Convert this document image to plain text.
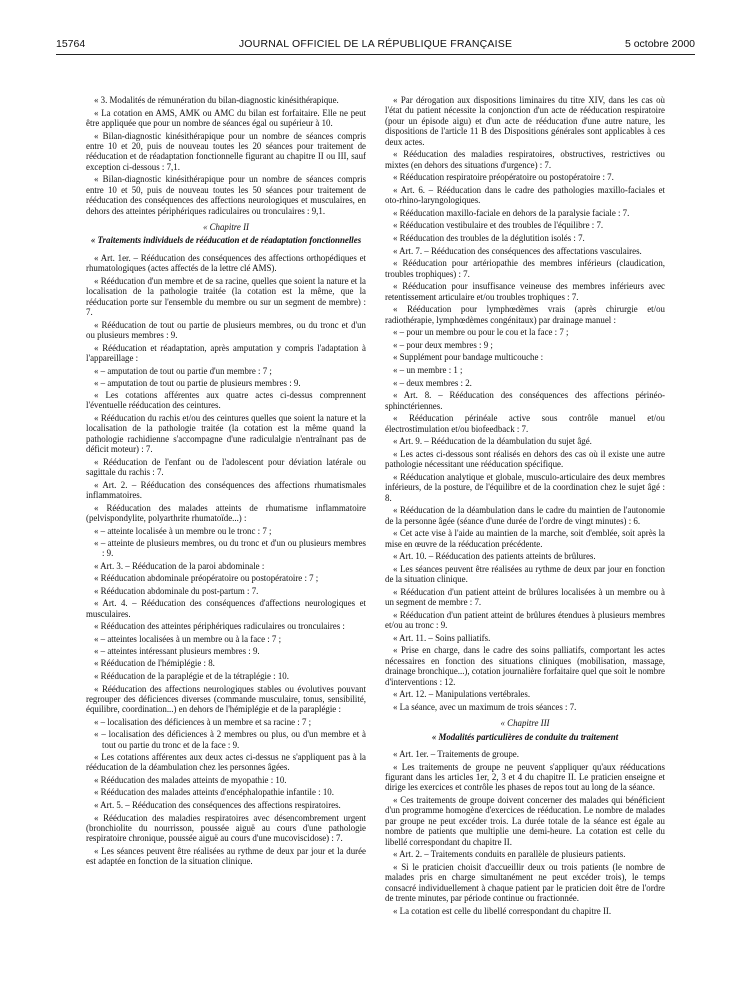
15764	JOURNAL OFFICIEL DE LA RÉPUBLIQUE FRANÇAISE	5 octobre 2000

« 3. Modalités de rémunération du bilan-diagnostic kinésithérapique.

« La cotation en AMS, AMK ou AMC du bilan est forfaitaire. Elle ne peut être appliquée que pour un nombre de séances égal ou supérieur à 10.

« Bilan-diagnostic kinésithérapique pour un nombre de séances compris entre 10 et 20, puis de nouveau toutes les 20 séances pour traitement de rééducation et de réadaptation fonctionnelle figurant au chapitre II ou III, sauf exception ci-dessous : 7,1.

« Bilan-diagnostic kinésithérapique pour un nombre de séances compris entre 10 et 50, puis de nouveau toutes les 50 séances pour traitement de rééducation des conséquences des affections neurologiques et musculaires, en dehors des atteintes périphériques radiculaires ou tronculaires : 9,1.

« Chapitre II

« Traitements individuels de rééducation et de réadaptation fonctionnelles

« Art. 1er. – Rééducation des conséquences des affections orthopédiques et rhumatologiques (actes affectés de la lettre clé AMS).

« Rééducation d'un membre et de sa racine, quelles que soient la nature et la localisation de la pathologie traitée (la cotation est la même, que la rééducation porte sur l'ensemble du membre ou sur un segment de membre) : 7.

« Rééducation de tout ou partie de plusieurs membres, ou du tronc et d'un ou plusieurs membres : 9.

« Rééducation et réadaptation, après amputation y compris l'adaptation à l'appareillage :

« – amputation de tout ou partie d'un membre : 7 ;

« – amputation de tout ou partie de plusieurs membres : 9.

« Les cotations afférentes aux quatre actes ci-dessus comprennent l'éventuelle rééducation des ceintures.

« Rééducation du rachis et/ou des ceintures quelles que soient la nature et la localisation de la pathologie traitée (la cotation est la même quand la pathologie rachidienne s'accompagne d'une radiculalgie n'entraînant pas de déficit moteur) : 7.

« Rééducation de l'enfant ou de l'adolescent pour déviation latérale ou sagittale du rachis : 7.

« Art. 2. – Rééducation des conséquences des affections rhumatismales inflammatoires.

« Rééducation des malades atteints de rhumatisme inflammatoire (pelvispondylite, polyarthrite rhumatoïde...) :

« – atteinte localisée à un membre ou le tronc : 7 ;

« – atteinte de plusieurs membres, ou du tronc et d'un ou plusieurs membres : 9.

« Art. 3. – Rééducation de la paroi abdominale :

« Rééducation abdominale préopératoire ou postopératoire : 7 ;

« Rééducation abdominale du post-partum : 7.

« Art. 4. – Rééducation des conséquences d'affections neurologiques et musculaires.

« Rééducation des atteintes périphériques radiculaires ou tronculaires :

« – atteintes localisées à un membre ou à la face : 7 ;

« – atteintes intéressant plusieurs membres : 9.

« Rééducation de l'hémiplégie : 8.

« Rééducation de la paraplégie et de la tétraplégie : 10.

« Rééducation des affections neurologiques stables ou évolutives pouvant regrouper des déficiences diverses (commande musculaire, tonus, sensibilité, équilibre, coordination...) en dehors de l'hémiplégie et de la paraplégie :

« – localisation des déficiences à un membre et sa racine : 7 ;

« – localisation des déficiences à 2 membres ou plus, ou d'un membre et à tout ou partie du tronc et de la face : 9.

« Les cotations afférentes aux deux actes ci-dessus ne s'appliquent pas à la rééducation de la déambulation chez les personnes âgées.

« Rééducation des malades atteints de myopathie : 10.

« Rééducation des malades atteints d'encéphalopathie infantile : 10.

« Art. 5. – Rééducation des conséquences des affections respiratoires.

« Rééducation des maladies respiratoires avec désencombrement urgent (bronchiolite du nourrisson, poussée aiguë au cours d'une pathologie respiratoire chronique, poussée aiguë au cours d'une mucoviscidose) : 7.

« Les séances peuvent être réalisées au rythme de deux par jour et la durée est adaptée en fonction de la situation clinique.

« Par dérogation aux dispositions liminaires du titre XIV, dans les cas où l'état du patient nécessite la conjonction d'un acte de rééducation respiratoire (pour un épisode aigu) et d'un acte de rééducation d'une autre nature, les dispositions de l'article 11 B des Dispositions générales sont applicables à ces deux actes.

« Rééducation des maladies respiratoires, obstructives, restrictives ou mixtes (en dehors des situations d'urgence) : 7.

« Rééducation respiratoire préopératoire ou postopératoire : 7.

« Art. 6. – Rééducation dans le cadre des pathologies maxillo-faciales et oto-rhino-laryngologiques.

« Rééducation maxillo-faciale en dehors de la paralysie faciale : 7.

« Rééducation vestibulaire et des troubles de l'équilibre : 7.

« Rééducation des troubles de la déglutition isolés : 7.

« Art. 7. – Rééducation des conséquences des affectations vasculaires.

« Rééducation pour artériopathie des membres inférieurs (claudication, troubles trophiques) : 7.

« Rééducation pour insuffisance veineuse des membres inférieurs avec retentissement articulaire et/ou troubles trophiques : 7.

« Rééducation pour lymphœdèmes vrais (après chirurgie et/ou radiothérapie, lymphœdèmes congénitaux) par drainage manuel :

« – pour un membre ou pour le cou et la face : 7 ;

« – pour deux membres : 9 ;

« Supplément pour bandage multicouche :

« – un membre : 1 ;

« – deux membres : 2.

« Art. 8. – Rééducation des conséquences des affections périnéo-sphinctériennes.

« Rééducation périnéale active sous contrôle manuel et/ou électrostimulation et/ou biofeedback : 7.

« Art. 9. – Rééducation de la déambulation du sujet âgé.

« Les actes ci-dessous sont réalisés en dehors des cas où il existe une autre pathologie nécessitant une rééducation spécifique.

« Rééducation analytique et globale, musculo-articulaire des deux membres inférieurs, de la posture, de l'équilibre et de la coordination chez le sujet âgé : 8.

« Rééducation de la déambulation dans le cadre du maintien de l'autonomie de la personne âgée (séance d'une durée de l'ordre de vingt minutes) : 6.

« Cet acte vise à l'aide au maintien de la marche, soit d'emblée, soit après la mise en œuvre de la rééducation précédente.

« Art. 10. – Rééducation des patients atteints de brûlures.

« Les séances peuvent être réalisées au rythme de deux par jour en fonction de la situation clinique.

« Rééducation d'un patient atteint de brûlures localisées à un membre ou à un segment de membre : 7.

« Rééducation d'un patient atteint de brûlures étendues à plusieurs membres et/ou au tronc : 9.

« Art. 11. – Soins palliatifs.

« Prise en charge, dans le cadre des soins palliatifs, comportant les actes nécessaires en fonction des situations cliniques (mobilisation, massage, drainage bronchique...), cotation journalière forfaitaire quel que soit le nombre d'interventions : 12.

« Art. 12. – Manipulations vertébrales.

« La séance, avec un maximum de trois séances : 7.

« Chapitre III

« Modalités particulières de conduite du traitement

« Art. 1er. – Traitements de groupe.

« Les traitements de groupe ne peuvent s'appliquer qu'aux rééducations figurant dans les articles 1er, 2, 3 et 4 du chapitre II. Le praticien enseigne et dirige les exercices et contrôle les phases de repos tout au long de la séance.

« Ces traitements de groupe doivent concerner des malades qui bénéficient d'un programme homogène d'exercices de rééducation. Le nombre de malades par groupe ne peut excéder trois. La durée totale de la séance est égale au nombre de patients que multiplie une demi-heure. La cotation est celle du libellé correspondant du chapitre II.

« Art. 2. – Traitements conduits en parallèle de plusieurs patients.

« Si le praticien choisit d'accueillir deux ou trois patients (le nombre de malades pris en charge simultanément ne peut excéder trois), le temps consacré individuellement à chaque patient par le praticien doit être de l'ordre de trente minutes, par période continue ou fractionnée.

« La cotation est celle du libellé correspondant du chapitre II.
